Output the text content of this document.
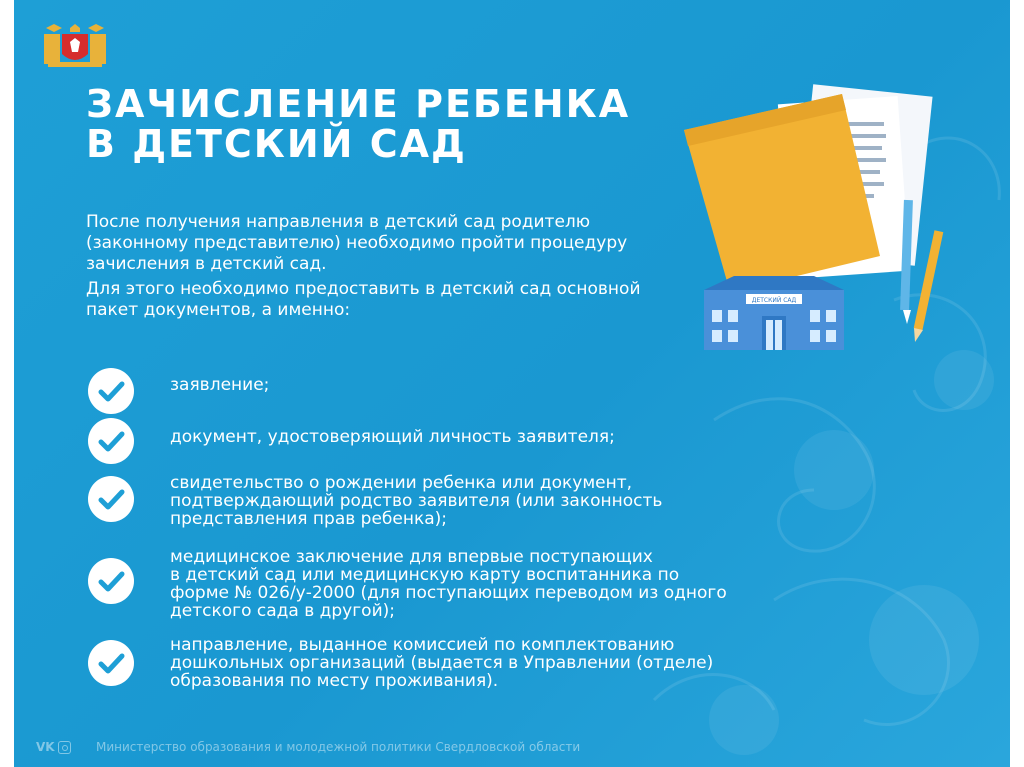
ЗАЧИСЛЕНИЕ РЕБЕНКА
В ДЕТСКИЙ САД

После получения направления в детский сад родителю (законному представителю) необходимо пройти процедуру зачисления в детский сад.

Для этого необходимо предоставить в детский сад основной пакет документов, а именно:	ДЕТСКИЙ САД

заявление;

документ, удостоверяющий личность заявителя;

свидетельство о рождении ребенка или документ,
подтверждающий родство заявителя (или законность
представления прав ребенка);

медицинское заключение для впервые поступающих
в детский сад или медицинскую карту воспитанника по
форме № 026/у-2000 (для поступающих переводом из одного
детского сада в другой);

направление, выданное комиссией по комплектованию
дошкольных организаций (выдается в Управлении (отделе)
образования по месту проживания).

VK	Министерство образования и молодежной политики Свердловской области
